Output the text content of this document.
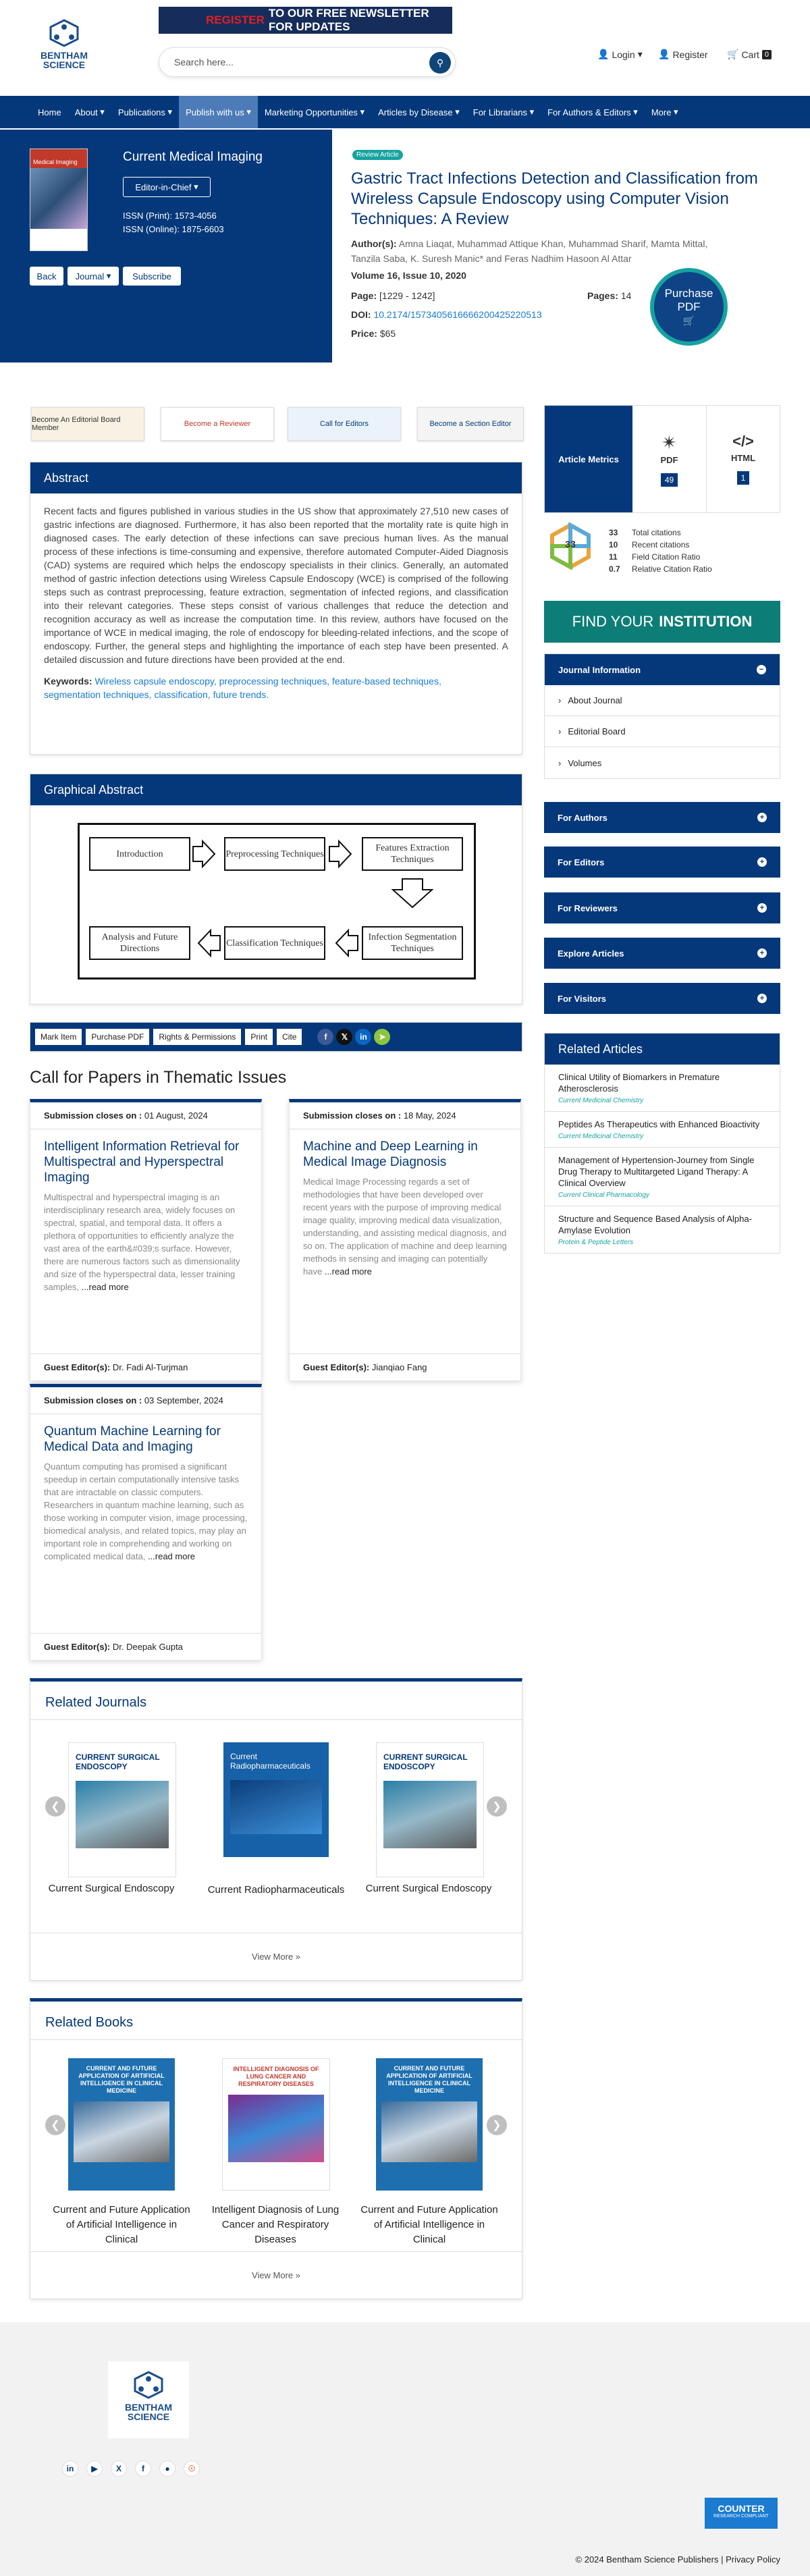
BENTHAM
SCIENCE
REGISTER
TO OUR FREE NEWSLETTER FOR UPDATES
Search here...	⚲
👤 Login ▾ 👤 Register 🛒 Cart 0
Home	About ▾	Publications ▾	Publish with us ▾	Marketing Opportunities ▾	Articles by Disease ▾	For Librarians ▾	For Authors & Editors ▾	More ▾
Medical Imaging	Current Medical Imaging
Editor-in-Chief ▾
ISSN (Print): 1573-4056
ISSN (Online): 1875-6603
Back	Journal ▾	Subscribe
Review Article
Gastric Tract Infections Detection and Classification from Wireless Capsule Endoscopy using Computer Vision Techniques: A Review
Author(s): Amna Liaqat, Muhammad Attique Khan, Muhammad Sharif, Mamta Mittal,
Tanzila Saba, K. Suresh Manic* and Feras Nadhim Hasoon Al Attar
Volume 16, Issue 10, 2020
Page: [1229 - 1242]	Pages: 14
DOI: 10.2174/1573405616666200425220513
Price: $65
Purchase
PDF
🛒
Become An Editorial Board Member	Become a Reviewer	Call for Editors	Become a Section Editor
Abstract
Recent facts and figures published in various studies in the US show that approximately 27,510 new cases of gastric infections are diagnosed. Furthermore, it has also been reported that the mortality rate is quite high in diagnosed cases. The early detection of these infections can save precious human lives. As the manual process of these infections is time-consuming and expensive, therefore automated Computer-Aided Diagnosis (CAD) systems are required which helps the endoscopy specialists in their clinics. Generally, an automated method of gastric infection detections using Wireless Capsule Endoscopy (WCE) is comprised of the following steps such as contrast preprocessing, feature extraction, segmentation of infected regions, and classification into their relevant categories. These steps consist of various challenges that reduce the detection and recognition accuracy as well as increase the computation time. In this review, authors have focused on the importance of WCE in medical imaging, the role of endoscopy for bleeding-related infections, and the scope of endoscopy. Further, the general steps and highlighting the importance of each step have been presented. A detailed discussion and future directions have been provided at the end.
Keywords: Wireless capsule endoscopy, preprocessing techniques, feature-based techniques,
segmentation techniques, classification, future trends.
Graphical Abstract
Introduction	Preprocessing Techniques
Features Extraction Techniques
Infection Segmentation Techniques
Classification Techniques
Analysis and Future Directions
Mark Item	Purchase PDF	Rights & Permissions	Print	Cite	f	𝕏	in	➤
Call for Papers in Thematic Issues
Submission closes on : 01 August, 2024
Intelligent Information Retrieval for Multispectral and Hyperspectral Imaging
Multispectral and hyperspectral imaging is an interdisciplinary research area, widely focuses on spectral, spatial, and temporal data. It offers a plethora of opportunities to efficiently analyze the vast area of the earth&#039;s surface. However, there are numerous factors such as dimensionality and size of the hyperspectral data, lesser training samples, ...read more
Guest Editor(s):
Dr. Fadi Al-Turjman
Submission closes on : 18 May, 2024
Machine and Deep Learning in Medical Image Diagnosis
Medical Image Processing regards a set of methodologies that have been developed over recent years with the purpose of improving medical image quality, improving medical data visualization, understanding, and assisting medical diagnosis, and so on. The application of machine and deep learning methods in sensing and imaging can potentially have ...read more
Guest Editor(s):
Jianqiao Fang
Submission closes on : 03 September, 2024
Quantum Machine Learning for Medical Data and Imaging
Quantum computing has promised a significant speedup in certain computationally intensive tasks that are intractable on classic computers. Researchers in quantum machine learning, such as those working in computer vision, image processing, biomedical analysis, and related topics, may play an important role in comprehending and working on complicated medical data, ...read more
Guest Editor(s):
Dr. Deepak Gupta
Related Journals
CURRENT SURGICAL ENDOSCOPY
Current Radiopharmaceuticals
CURRENT SURGICAL ENDOSCOPY
❮	❯
Current Surgical Endoscopy	Current Radiopharmaceuticals	Current Surgical Endoscopy
View More »
Related Books
CURRENT AND FUTURE APPLICATION OF ARTIFICIAL INTELLIGENCE IN CLINICAL MEDICINE
INTELLIGENT DIAGNOSIS OF LUNG CANCER AND RESPIRATORY DISEASES
CURRENT AND FUTURE APPLICATION OF ARTIFICIAL INTELLIGENCE IN CLINICAL MEDICINE
❮	❯
Current and Future Application of Artificial Intelligence in Clinical
Intelligent Diagnosis of Lung Cancer and Respiratory Diseases
Current and Future Application of Artificial Intelligence in Clinical
View More »
Article Metrics
✴
PDF
49
</>
HTML
1
33
33 Total citations
10 Recent citations
11 Field Citation Ratio
0.7 Relative Citation Ratio
FIND YOUR INSTITUTION
Journal Information	−
› About Journal
› Editorial Board
› Volumes
For Authors	+
For Editors	+
For Reviewers	+
Explore Articles	+
For Visitors	+
Related Articles
Clinical Utility of Biomarkers in Premature Atherosclerosis
Current Medicinal Chemistry
Peptides As Therapeutics with Enhanced Bioactivity
Current Medicinal Chemistry
Management of Hypertension-Journey from Single Drug Therapy to Multitargeted Ligand Therapy: A Clinical Overview
Current Clinical Pharmacology
Structure and Sequence Based Analysis of Alpha-Amylase Evolution
Protein & Peptide Letters
BENTHAM
SCIENCE
in	▶	X	f	●	☉
COUNTER
RESEARCH COMPLIANT
© 2024 Bentham Science Publishers | Privacy Policy
